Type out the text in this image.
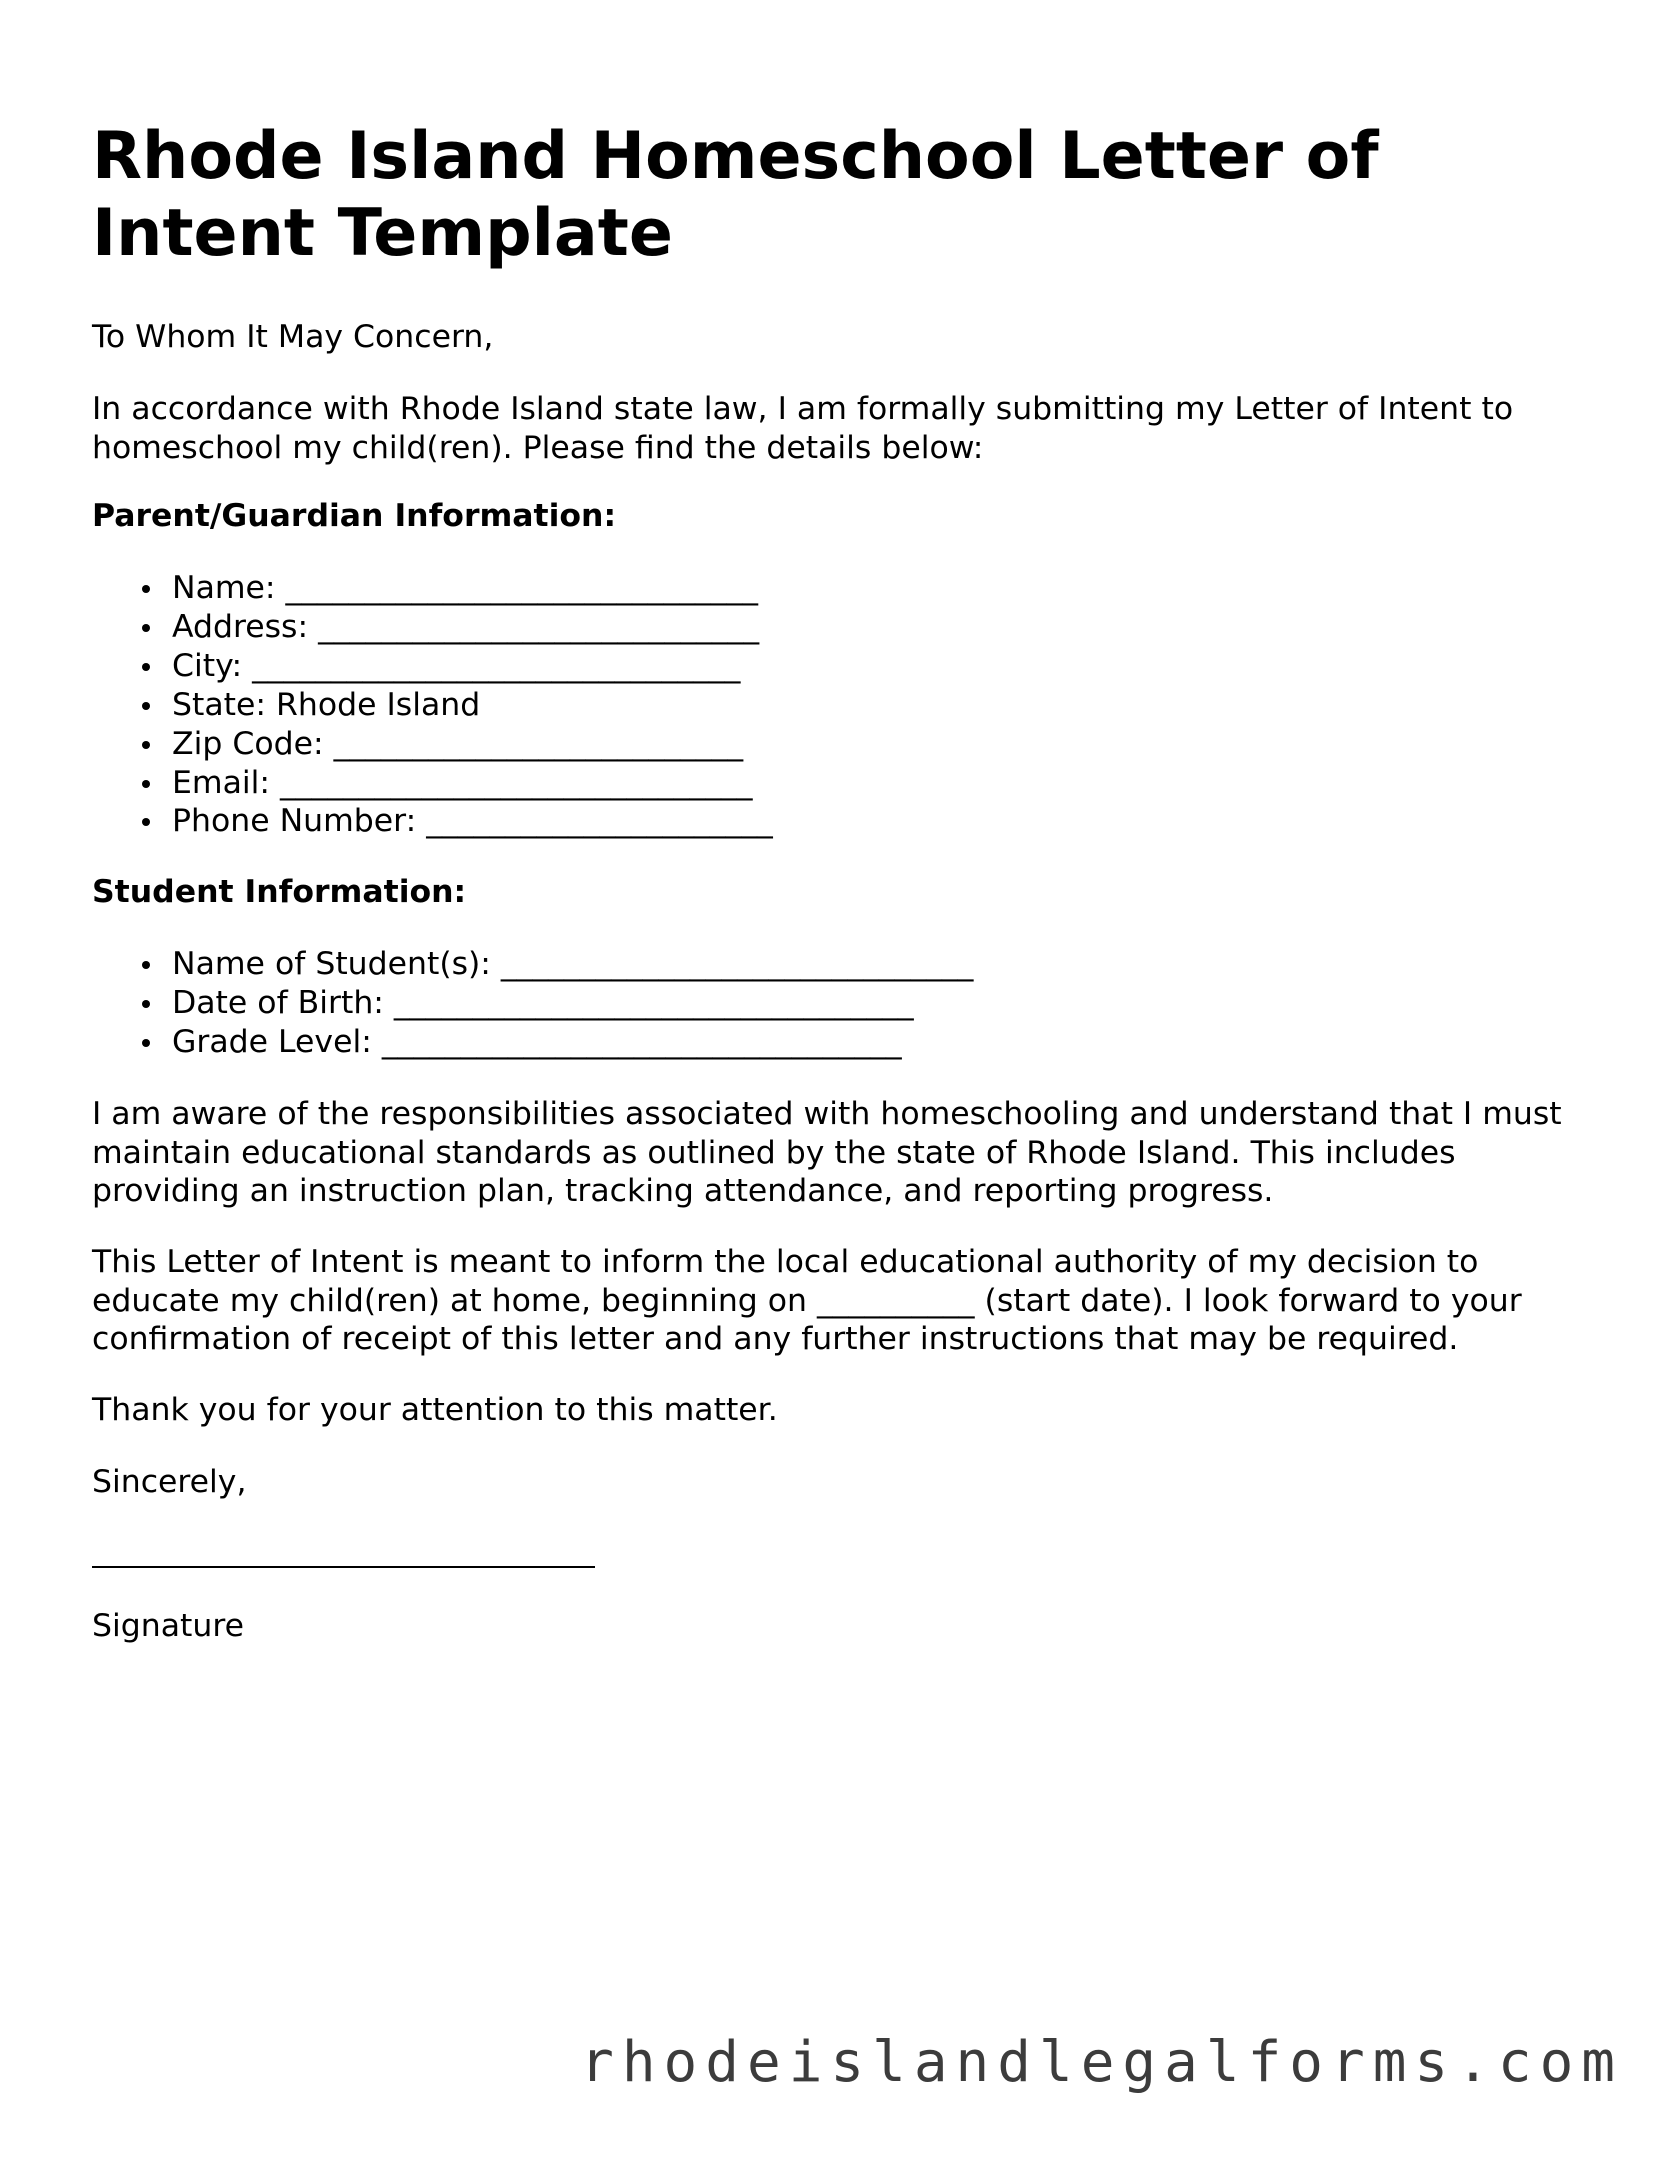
Rhode Island Homeschool Letter of Intent Template

To Whom It May Concern,

In accordance with Rhode Island state law, I am formally submitting my Letter of Intent to homeschool my child(ren). Please find the details below:

Parent/Guardian Information:

Name: ______________________________
Address: ____________________________
City: _______________________________
State: Rhode Island
Zip Code: __________________________
Email: ______________________________
Phone Number: ______________________

Student Information:

Name of Student(s): ______________________________
Date of Birth: _________________________________
Grade Level: _________________________________

I am aware of the responsibilities associated with homeschooling and understand that I must maintain educational standards as outlined by the state of Rhode Island. This includes providing an instruction plan, tracking attendance, and reporting progress.

This Letter of Intent is meant to inform the local educational authority of my decision to educate my child(ren) at home, beginning on __________ (start date). I look forward to your confirmation of receipt of this letter and any further instructions that may be required.

Thank you for your attention to this matter.

Sincerely,

Signature

rhodeislandlegalforms.com
